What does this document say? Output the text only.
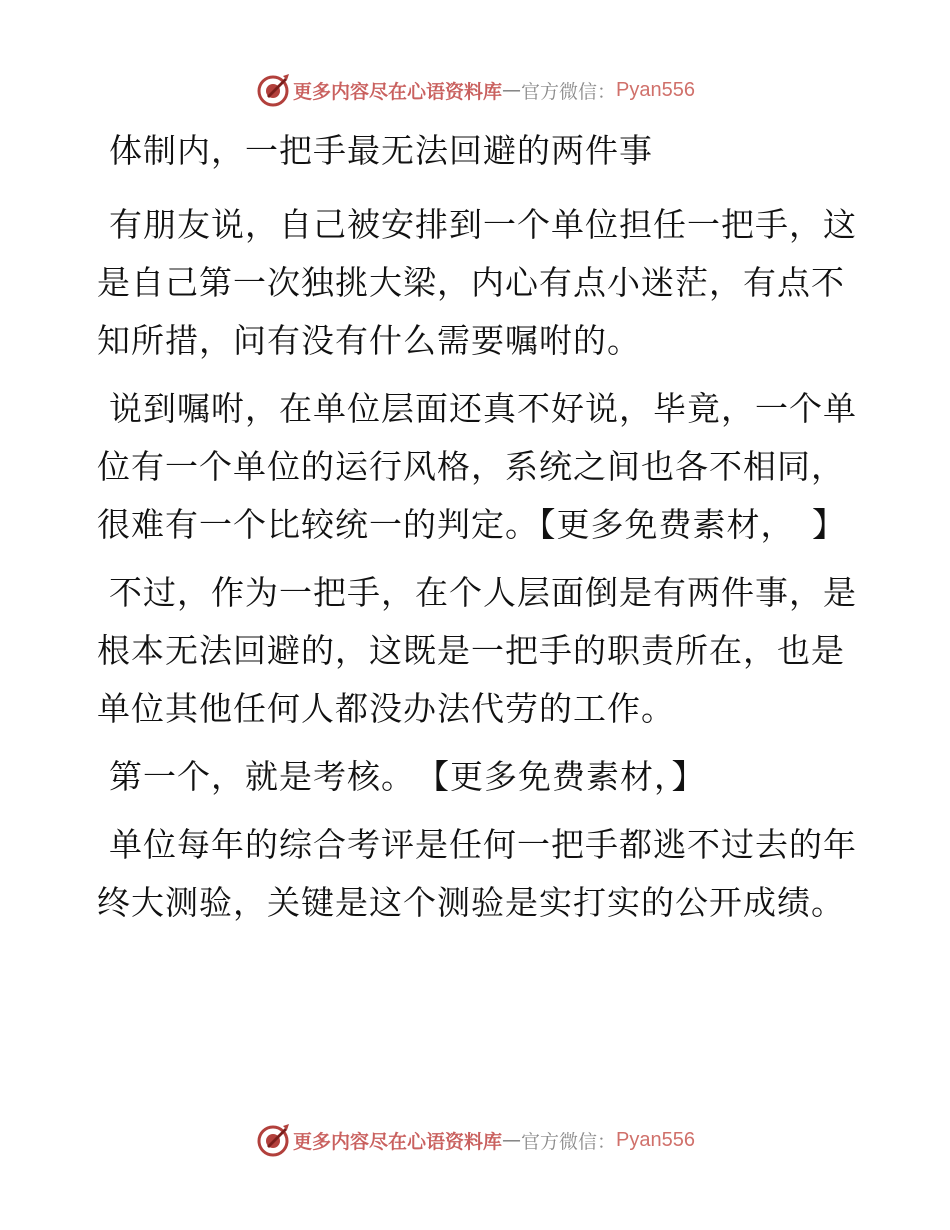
更多内容尽在心语资料库 — 官方微信： Pyan556
体制内，一把手最无法回避的两件事
有朋友说，自己被安排到一个单位担任一把手，这是自己第一次独挑大梁，内心有点小迷茫，有点不知所措，问有没有什么需要嘱咐的。
说到嘱咐，在单位层面还真不好说，毕竟，一个单位有一个单位的运行风格，系统之间也各不相同，很难有一个比较统一的判定。【更多免费素材，　】
不过，作为一把手，在个人层面倒是有两件事，是根本无法回避的，这既是一把手的职责所在，也是单位其他任何人都没办法代劳的工作。
第一个，就是考核。　【更多免费素材，】
单位每年的综合考评是任何一把手都逃不过去的年终大测验，关键是这个测验是实打实的公开成绩。
更多内容尽在心语资料库 — 官方微信： Pyan556
